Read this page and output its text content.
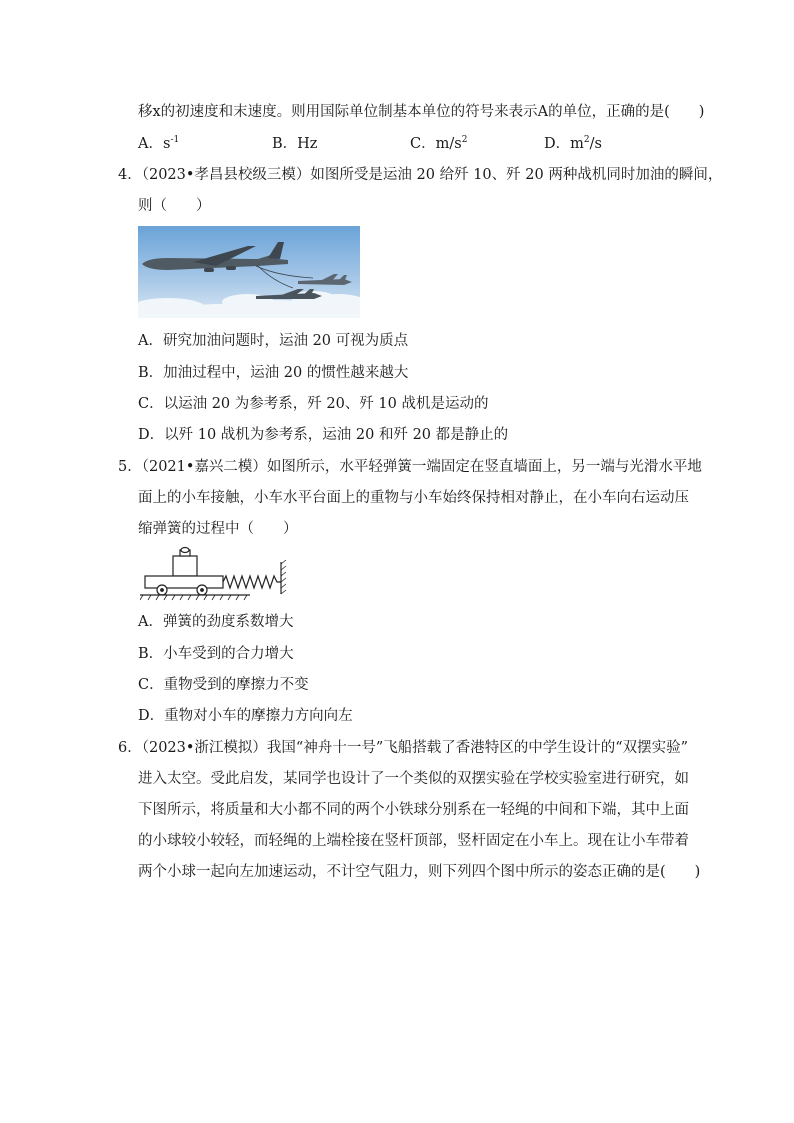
移x的初速度和末速度。则用国际单位制基本单位的符号来表示A的单位，正确的是(　　)
A．$s^{-1}$	B．Hz	C．$m/s^2$	D．$m^2/s$
4．（2023•孝昌县校级三模）如图所受是运油 20 给歼 10、歼 20 两种战机同时加油的瞬间，
则（　　）
A．研究加油问题时，运油 20 可视为质点
B．加油过程中，运油 20 的惯性越来越大
C．以运油 20 为参考系，歼 20、歼 10 战机是运动的
D．以歼 10 战机为参考系，运油 20 和歼 20 都是静止的
5．（2021•嘉兴二模）如图所示，水平轻弹簧一端固定在竖直墙面上，另一端与光滑水平地
面上的小车接触，小车水平台面上的重物与小车始终保持相对静止，在小车向右运动压
缩弹簧的过程中（　　）
A．弹簧的劲度系数增大
B．小车受到的合力增大
C．重物受到的摩擦力不变
D．重物对小车的摩擦力方向向左
6．（2023•浙江模拟）我国“神舟十一号”飞船搭载了香港特区的中学生设计的“双摆实验”
进入太空。受此启发，某同学也设计了一个类似的双摆实验在学校实验室进行研究，如
下图所示，将质量和大小都不同的两个小铁球分别系在一轻绳的中间和下端，其中上面
的小球较小较轻，而轻绳的上端栓接在竖杆顶部，竖杆固定在小车上。现在让小车带着
两个小球一起向左加速运动，不计空气阻力，则下列四个图中所示的姿态正确的是(　　)
